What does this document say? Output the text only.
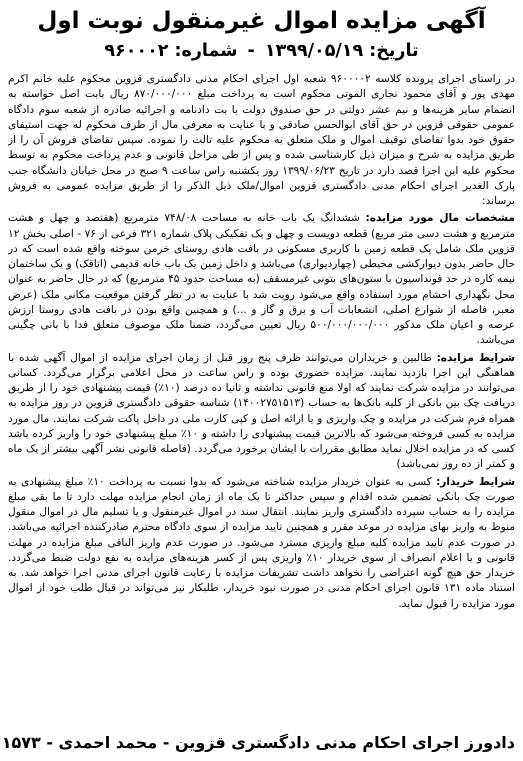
آگهی مزایده اموال غیرمنقول نوبت اول
تاریخ: ۱۳۹۹/۰۵/۱۹ - شماره: ۹۶۰۰۰۲

در راستای اجرای پرونده کلاسه ۹۶۰۰۰۰۲ شعبه اول اجرای احکام مدنی دادگستری قزوین محکوم علیه خانم اکرم مهدی پور و آقای محمود نجاری الموتی محکوم است به پرداخت مبلغ ۸۷۰/۰۰۰/۰۰۰ ریال بابت اصل خواسته به انضمام سایر هزینه‌ها و نیم عشر دولتی در حق صندوق دولت با بت دادنامه و اجرائیه صادره از شعبه سوم دادگاه عمومی حقوقی قزوین در حق آقای ابوالحسن صادقی و با عنایت به معرفی مال از طرف محکوم له جهت استیفای حقوق خود بدوا تقاضای توقیف اموال و ملک متعلق به محکوم علیه تالث را نموده. سپس تقاضای فروش آن را از طریق مزایده به شرح و میزان ذیل کارشناسی شده و پس از طی مراحل قانونی و عدم پرداخت محکوم به توسط محکوم علیه این اجرا قصد دارد در تاریخ ۱۳۹۹/۰۶/۲۳ روز یکشنبه راس ساعت ۹ صبح در محل خیابان دانشگاه جنب پارک الغدیر اجرای احکام مدنی دادگستری قزوین اموال/ملک ذیل الذکر را از طریق مزایده عمومی به فروش برساند:

مشخصات مال مورد مزایده: ششدانگ یک باب خانه به مساحت ۷۴۸/۰۸ مترمربع (هفتصد و چهل و هشت مترمربع و هشت دسی متر مربع) قطعه دویست و چهل و یک تفکیکی پلاک شماره ۳۲۱ فرعی از ۷۶ - اصلی بخش ۱۲ قزوین ملک شامل یک قطعه زمین با کاربری مسکونی در بافت هادی روستای خرمن سوخته واقع شده است که در حال حاضر بدون دیوارکشی محیطی (چهاردیواری) می‌باشد و داخل زمین یک باب خانه قدیمی (اتاقک) و یک ساختمان نیمه کاره در حد فونداسیون با ستون‌های بتونی غیرمسقف (به مساحت حدود ۴۵ مترمربع) که در حال حاضر به عنوان محل نگهداری احشام مورد استفاده واقع می‌شود رویت شد با عنایت به در نظر گرفتن موقعیت مکانی ملک (عرض معبر، فاصله از شوارع اصلی، انشعابات آب و برق و گاز و ...) و همچنین واقع بودن در بافت هادی روستا ارزش عرصه و اعیان ملک مذکور ۵۰۰/۰۰۰/۰۰۰/۰۰۰ ریال تعیین می‌گردد، ضمنا ملک موصوف متعلق فدا با بانی چگینی می‌باشد.

شرایط مزایده: طالبین و خریداران می‌توانند ظرف پنج روز قبل از زمان اجرای مزایده از اموال آگهی شده با هماهنگی این اجرا بازدید نمایند. مزایده حضوری بوده و راس ساعت در محل اعلامی برگزار می‌گردد. کسانی می‌توانند در مزایده شرکت نمایند که اولا منع قانونی نداشته و ثانیا ده درصد (۱۰٪) قیمت پیشنهادی خود را از طریق دریافت چک بین بانکی از کلیه بانک‌ها به حساب (۱۴۰۰۲۷۵۱۵۱۳) شناسه حقوقی دادگستری قزوین در روز مزایده به همراه فرم شرکت در مزایده و چک واریزی و یا ارائه اصل و کپی کارت ملی در داخل پاکت شرکت نمایند. مال مورد مزایده به کسی فروخته می‌شود که بالاترین قیمت پیشنهادی را داشته و ۱۰٪ مبلغ پیشنهادی خود را واریز کرده باشد کسی که در مزایده اخلال نماید مطابق مقررات با ایشان برخورد می‌گردد. (فاصله قانونی نشر آگهی بیشتر از یک ماه و کمتر از ده روز نمی‌باشد)

شرایط خریدار: کسی به عنوان خریدار مزایده شناخته می‌شود که بدوا نسبت به پرداخت ۱۰٪ مبلغ پیشنهادی به صورت چک بانکی تضمین شده اقدام و سپس حداکثر تا یک ماه از زمان انجام مزایده مهلت دارد تا ما بقی مبلغ مزایده را به حساب سپرده دادگستری واریز نمایند. انتقال سند در اموال غیرمنقول و یا تسلیم مال در اموال منقول منوط به واریز بهای مزایده در موعد مقرر و همچنین تایید مزایده از سوی دادگاه محترم صادرکننده اجرائیه می‌باشد. در صورت عدم تایید مزایده کلیه مبلغ واریزی مسترد می‌شود. در صورت عدم واریز الباقی مبلغ مزایده در مهلت قانونی و یا اعلام انصراف از سوی خریدار ۱۰٪ واریزی پس از کسر هزینه‌های مزایده به نفع دولت ضبط می‌گردد. خریدار حق هیچ گونه اعتراضی را نخواهد داشت تشریفات مزایده با رعایت قانون اجرای مدنی اجرا خواهد شد. به استناد ماده ۱۳۱ قانون اجرای احکام مدنی در صورت نبود خریدار، طلبکار نیز می‌تواند در قبال طلب خود از اموال مورد مزایده را قبول نماید.

دادورز اجرای احکام مدنی دادگستری قزوین - محمد احمدی - ۱۵۷۳
